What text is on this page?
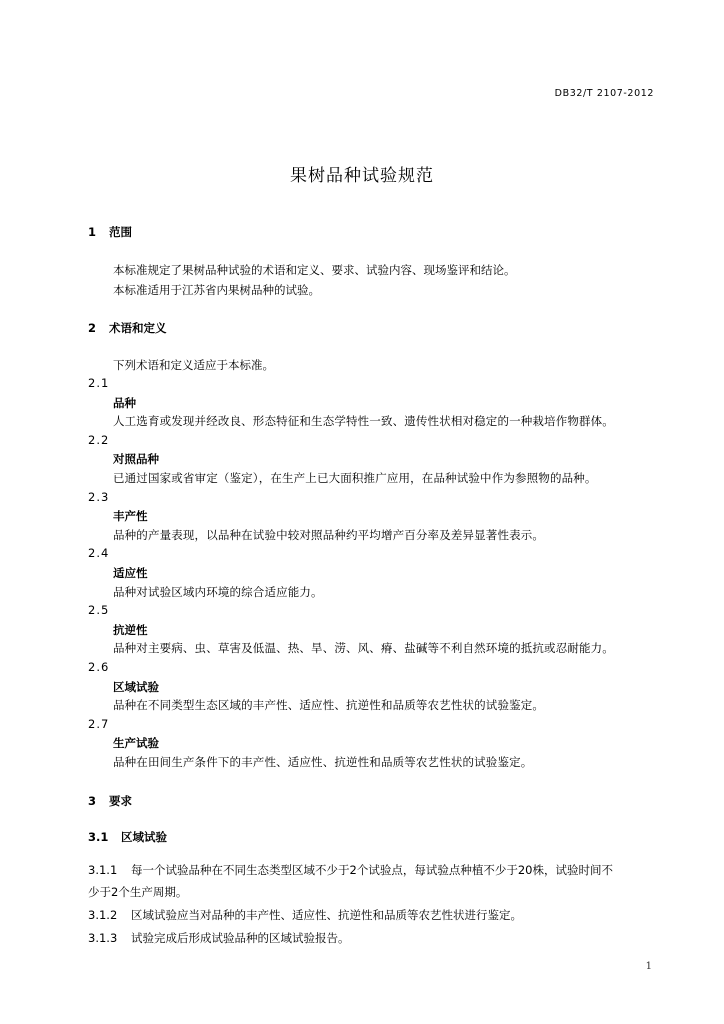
DB32/T 2107-2012
果树品种试验规范
1 范围
本标准规定了果树品种试验的术语和定义、要求、试验内容、现场鉴评和结论。
本标准适用于江苏省内果树品种的试验。
2 术语和定义
下列术语和定义适应于本标准。
2.1
品种
人工选育或发现并经改良、形态特征和生态学特性一致、遗传性状相对稳定的一种栽培作物群体。
2.2
对照品种
已通过国家或省审定（鉴定），在生产上已大面积推广应用，在品种试验中作为参照物的品种。
2.3
丰产性
品种的产量表现，以品种在试验中较对照品种约平均增产百分率及差异显著性表示。
2.4
适应性
品种对试验区域内环境的综合适应能力。
2.5
抗逆性
品种对主要病、虫、草害及低温、热、旱、涝、风、瘠、盐碱等不利自然环境的抵抗或忍耐能力。
2.6
区域试验
品种在不同类型生态区域的丰产性、适应性、抗逆性和品质等农艺性状的试验鉴定。
2.7
生产试验
品种在田间生产条件下的丰产性、适应性、抗逆性和品质等农艺性状的试验鉴定。
3 要求
3.1 区域试验
3.1.1 每一个试验品种在不同生态类型区域不少于2个试验点，每试验点种植不少于20株，试验时间不
少于2个生产周期。
3.1.2 区域试验应当对品种的丰产性、适应性、抗逆性和品质等农艺性状进行鉴定。
3.1.3 试验完成后形成试验品种的区域试验报告。
1
